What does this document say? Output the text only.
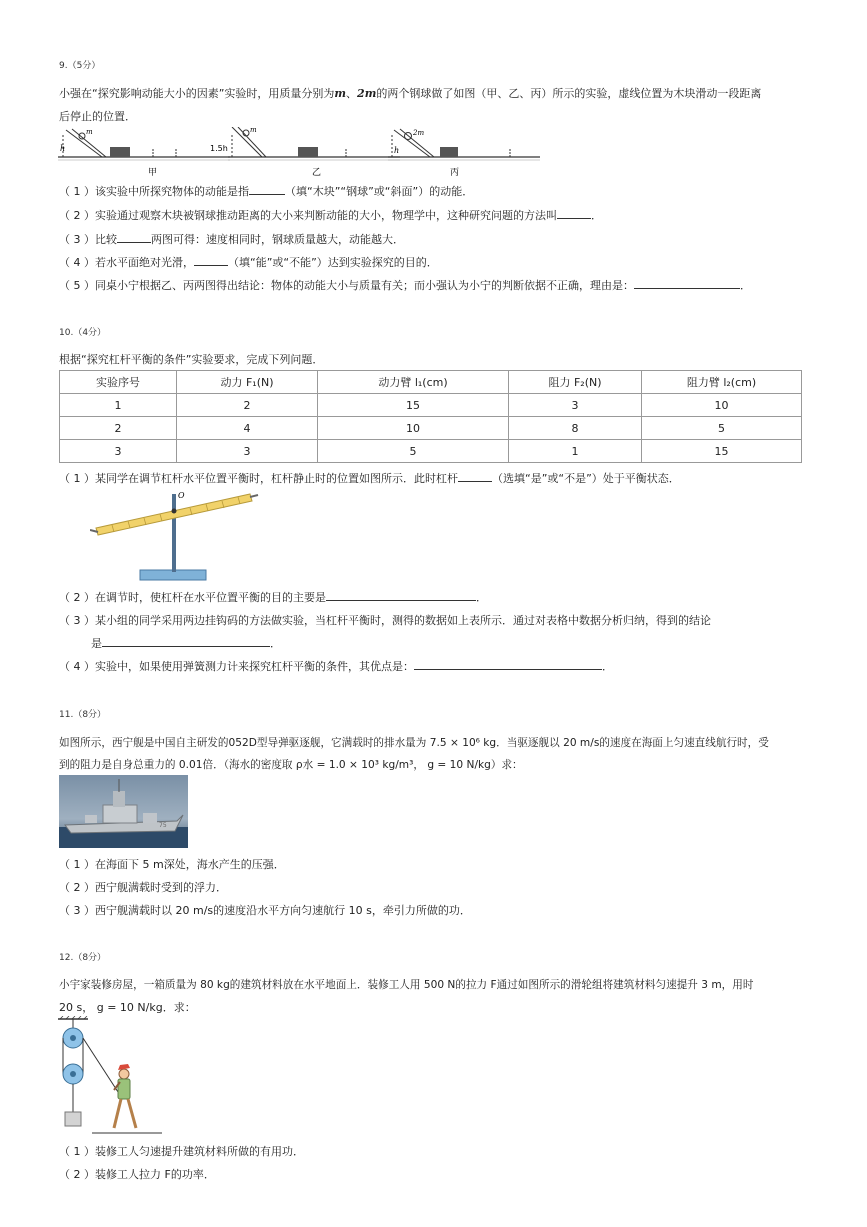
9.（5分）
小强在“探究影响动能大小的因素”实验时，用质量分别为m、2m的两个钢球做了如图（甲、乙、丙）所示的实验，虚线位置为木块滑动一段距离
后停止的位置．
h
m
甲
1.5h
m
乙
h
2m
丙
（ 1 ）该实验中所探究物体的动能是指	（填“木块”“钢球”或“斜面”）的动能．
（ 2 ）实验通过观察木块被钢球推动距离的大小来判断动能的大小，物理学中，这种研究问题的方法叫	．
（ 3 ）比较	两图可得：速度相同时，钢球质量越大，动能越大．
（ 4 ）若水平面绝对光滑，	（填“能”或“不能”）达到实验探究的目的．
（ 5 ）同桌小宁根据乙、丙两图得出结论：物体的动能大小与质量有关；而小强认为小宁的判断依据不正确，理由是：	．
10.（4分）
根据“探究杠杆平衡的条件”实验要求，完成下列问题．
实验序号	动力 F₁(N)	动力臂 l₁(cm)	阻力 F₂(N)	阻力臂 l₂(cm)
1	2	15	3	10
2	4	10	8	5
3	3	5	1	15
（ 1 ）某同学在调节杠杆水平位置平衡时，杠杆静止时的位置如图所示．此时杠杆	（选填“是”或“不是”）处于平衡状态．
O
（ 2 ）在调节时，使杠杆在水平位置平衡的目的主要是	．
（ 3 ）某小组的同学采用两边挂钩码的方法做实验，当杠杆平衡时，测得的数据如上表所示．通过对表格中数据分析归纳，得到的结论
是	．
（ 4 ）实验中，如果使用弹簧测力计来探究杠杆平衡的条件，其优点是：	．
11.（8分）
如图所示，西宁舰是中国自主研发的052D型导弹驱逐舰，它满载时的排水量为 7.5 × 10⁶ kg．当驱逐舰以 20 m/s的速度在海面上匀速直线航行时，受
到的阻力是自身总重力的 0.01倍．（海水的密度取 ρ水 = 1.0 × 10³ kg/m³， g = 10 N/kg）求：
75
（ 1 ）在海面下 5 m深处，海水产生的压强．
（ 2 ）西宁舰满载时受到的浮力．
（ 3 ）西宁舰满载时以 20 m/s的速度沿水平方向匀速航行 10 s，牵引力所做的功．
12.（8分）
小宇家装修房屋，一箱质量为 80 kg的建筑材料放在水平地面上．装修工人用 500 N的拉力 F通过如图所示的滑轮组将建筑材料匀速提升 3 m，用时
20 s， g = 10 N/kg．求：
（ 1 ）装修工人匀速提升建筑材料所做的有用功．
（ 2 ）装修工人拉力 F的功率．
